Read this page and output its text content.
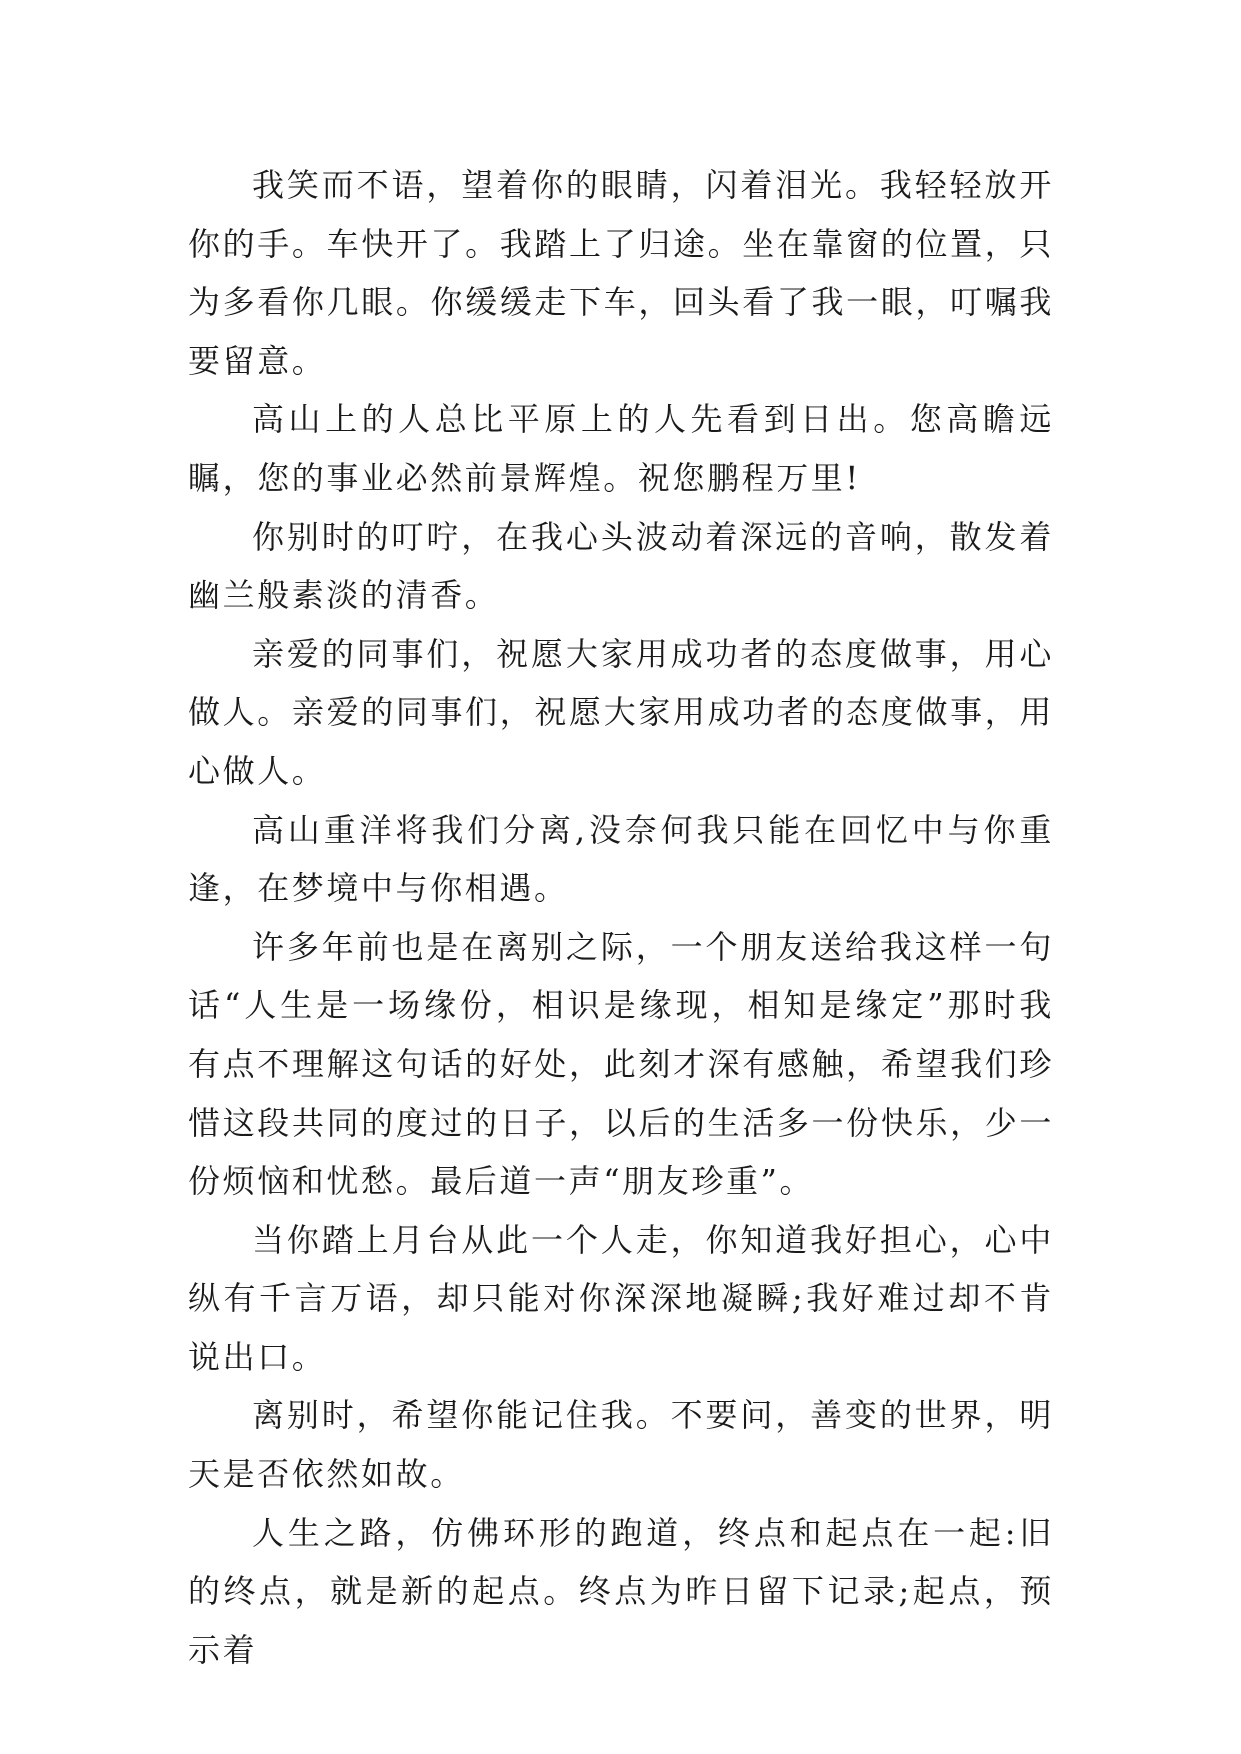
我笑而不语，望着你的眼睛，闪着泪光。我轻轻放开你的手。车快开了。我踏上了归途。坐在靠窗的位置，只为多看你几眼。你缓缓走下车，回头看了我一眼，叮嘱我要留意。

高山上的人总比平原上的人先看到日出。您高瞻远瞩，您的事业必然前景辉煌。祝您鹏程万里!

你别时的叮咛，在我心头波动着深远的音响，散发着幽兰般素淡的清香。

亲爱的同事们，祝愿大家用成功者的态度做事，用心做人。亲爱的同事们，祝愿大家用成功者的态度做事，用心做人。

高山重洋将我们分离,没奈何我只能在回忆中与你重逢，在梦境中与你相遇。

许多年前也是在离别之际，一个朋友送给我这样一句话“人生是一场缘份，相识是缘现，相知是缘定”那时我有点不理解这句话的好处，此刻才深有感触，希望我们珍惜这段共同的度过的日子，以后的生活多一份快乐，少一份烦恼和忧愁。最后道一声“朋友珍重”。

当你踏上月台从此一个人走，你知道我好担心，心中纵有千言万语，却只能对你深深地凝瞬;我好难过却不肯说出口。

离别时，希望你能记住我。不要问，善变的世界，明天是否依然如故。

人生之路，仿佛环形的跑道，终点和起点在一起:旧的终点，就是新的起点。终点为昨日留下记录;起点，预示着
